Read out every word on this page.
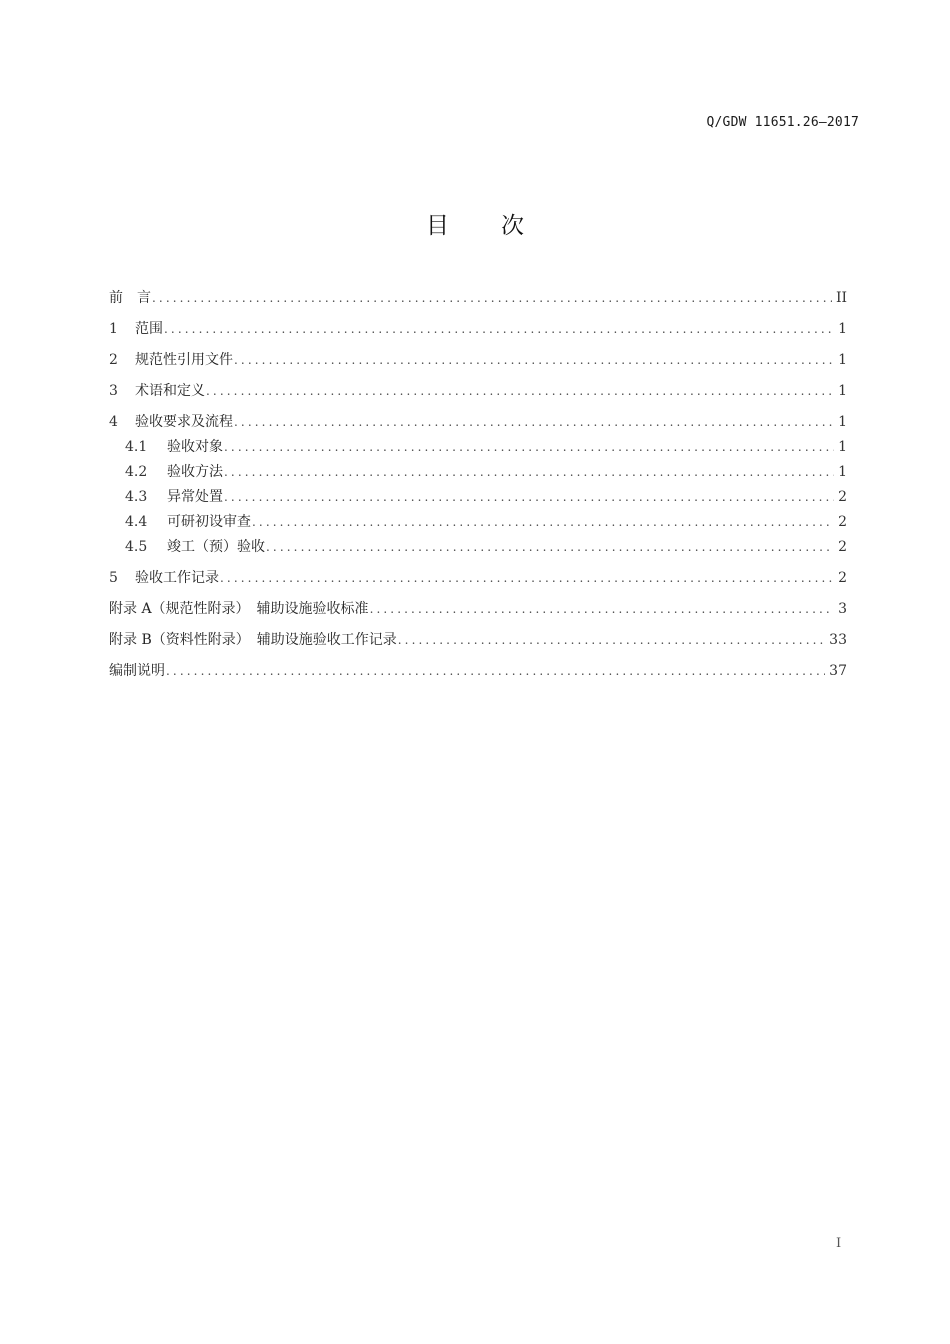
Q/GDW 11651.26—2017
目 次
前　言 .....	II
1	范围 .....	1
2	规范性引用文件 .....	1
3	术语和定义 .....	1
4	验收要求及流程 .....	1
4.1	验收对象 .....	1
4.2	验收方法 .....	1
4.3	异常处置 .....	2
4.4	可研初设审查 .....	2
4.5	竣工（预）验收 .....	2
5	验收工作记录 .....	2
附录 A（规范性附录）　辅助设施验收标准 .....	3
附录 B（资料性附录）　辅助设施验收工作记录 .....	33
编制说明 .....	37
I
